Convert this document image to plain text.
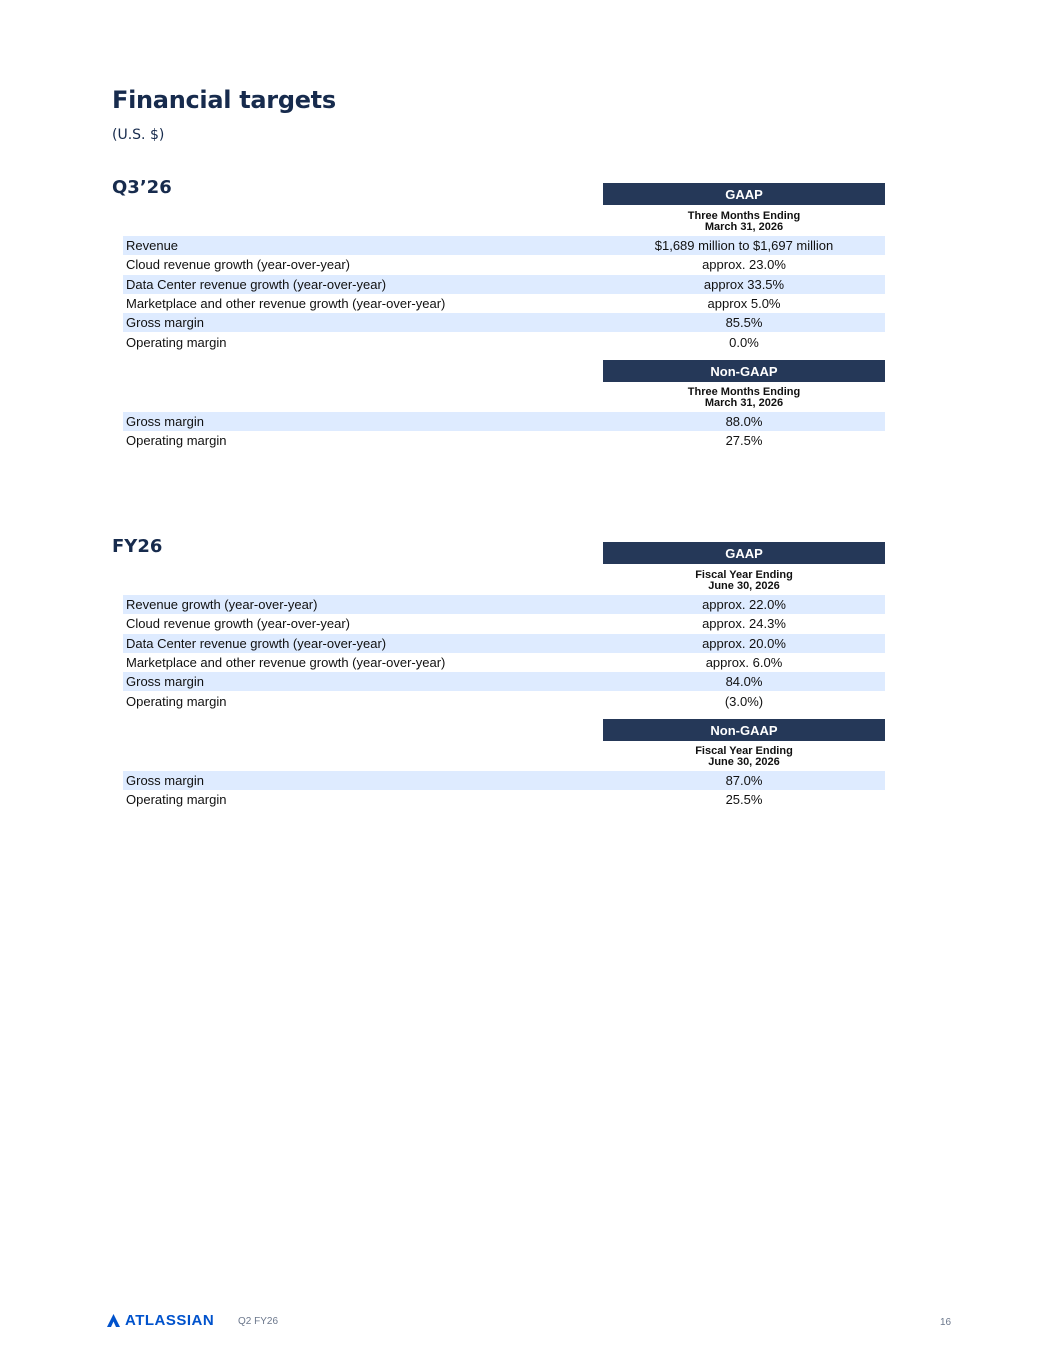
Financial targets
(U.S. $)
Q3’26	GAAP
Three Months Ending
March 31, 2026
Revenue	$1,689 million to $1,697 million
Cloud revenue growth (year-over-year)	approx. 23.0%
Data Center revenue growth (year-over-year)	approx 33.5%
Marketplace and other revenue growth (year-over-year)	approx 5.0%
Gross margin	85.5%
Operating margin	0.0%
Non-GAAP
Three Months Ending
March 31, 2026
Gross margin	88.0%
Operating margin	27.5%
FY26	GAAP
Fiscal Year Ending
June 30, 2026
Revenue growth (year-over-year)	approx. 22.0%
Cloud revenue growth (year-over-year)	approx. 24.3%
Data Center revenue growth (year-over-year)	approx. 20.0%
Marketplace and other revenue growth (year-over-year)	approx. 6.0%
Gross margin	84.0%
Operating margin	(3.0%)
Non-GAAP
Fiscal Year Ending
June 30, 2026
Gross margin	87.0%
Operating margin	25.5%
ATLASSIAN Q2 FY26	16
